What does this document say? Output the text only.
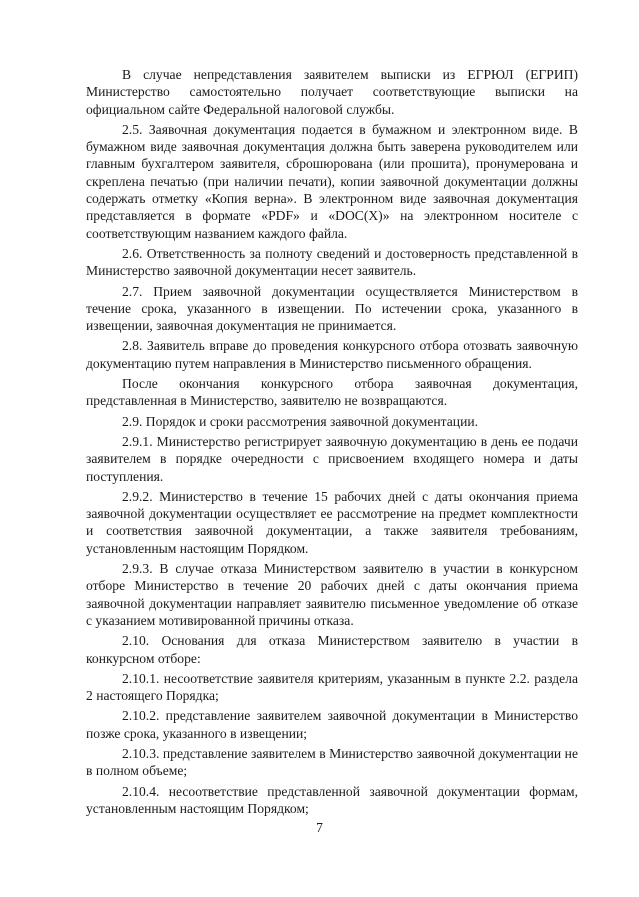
В случае непредставления заявителем выписки из ЕГРЮЛ (ЕГРИП) Министерство самостоятельно получает соответствующие выписки на официальном сайте Федеральной налоговой службы.

2.5. Заявочная документация подается в бумажном и электронном виде. В бумажном виде заявочная документация должна быть заверена руководителем или главным бухгалтером заявителя, сброшюрована (или прошита), пронумерована и скреплена печатью (при наличии печати), копии заявочной документации должны содержать отметку «Копия верна». В электронном виде заявочная документация представляется в формате «PDF» и «DOC(X)» на электронном носителе с соответствующим названием каждого файла.

2.6. Ответственность за полноту сведений и достоверность представленной в Министерство заявочной документации несет заявитель.

2.7. Прием заявочной документации осуществляется Министерством в течение срока, указанного в извещении. По истечении срока, указанного в извещении, заявочная документация не принимается.

2.8. Заявитель вправе до проведения конкурсного отбора отозвать заявочную документацию путем направления в Министерство письменного обращения.

После окончания конкурсного отбора заявочная документация, представленная в Министерство, заявителю не возвращаются.

2.9. Порядок и сроки рассмотрения заявочной документации.

2.9.1. Министерство регистрирует заявочную документацию в день ее подачи заявителем в порядке очередности с присвоением входящего номера и даты поступления.

2.9.2. Министерство в течение 15 рабочих дней с даты окончания приема заявочной документации осуществляет ее рассмотрение на предмет комплектности и соответствия заявочной документации, а также заявителя требованиям, установленным настоящим Порядком.

2.9.3. В случае отказа Министерством заявителю в участии в конкурсном отборе Министерство в течение 20 рабочих дней с даты окончания приема заявочной документации направляет заявителю письменное уведомление об отказе с указанием мотивированной причины отказа.

2.10. Основания для отказа Министерством заявителю в участии в конкурсном отборе:

2.10.1. несоответствие заявителя критериям, указанным в пункте 2.2. раздела 2 настоящего Порядка;

2.10.2. представление заявителем заявочной документации в Министерство позже срока, указанного в извещении;

2.10.3. представление заявителем в Министерство заявочной документации не в полном объеме;

2.10.4. несоответствие представленной заявочной документации формам, установленным настоящим Порядком;

7
